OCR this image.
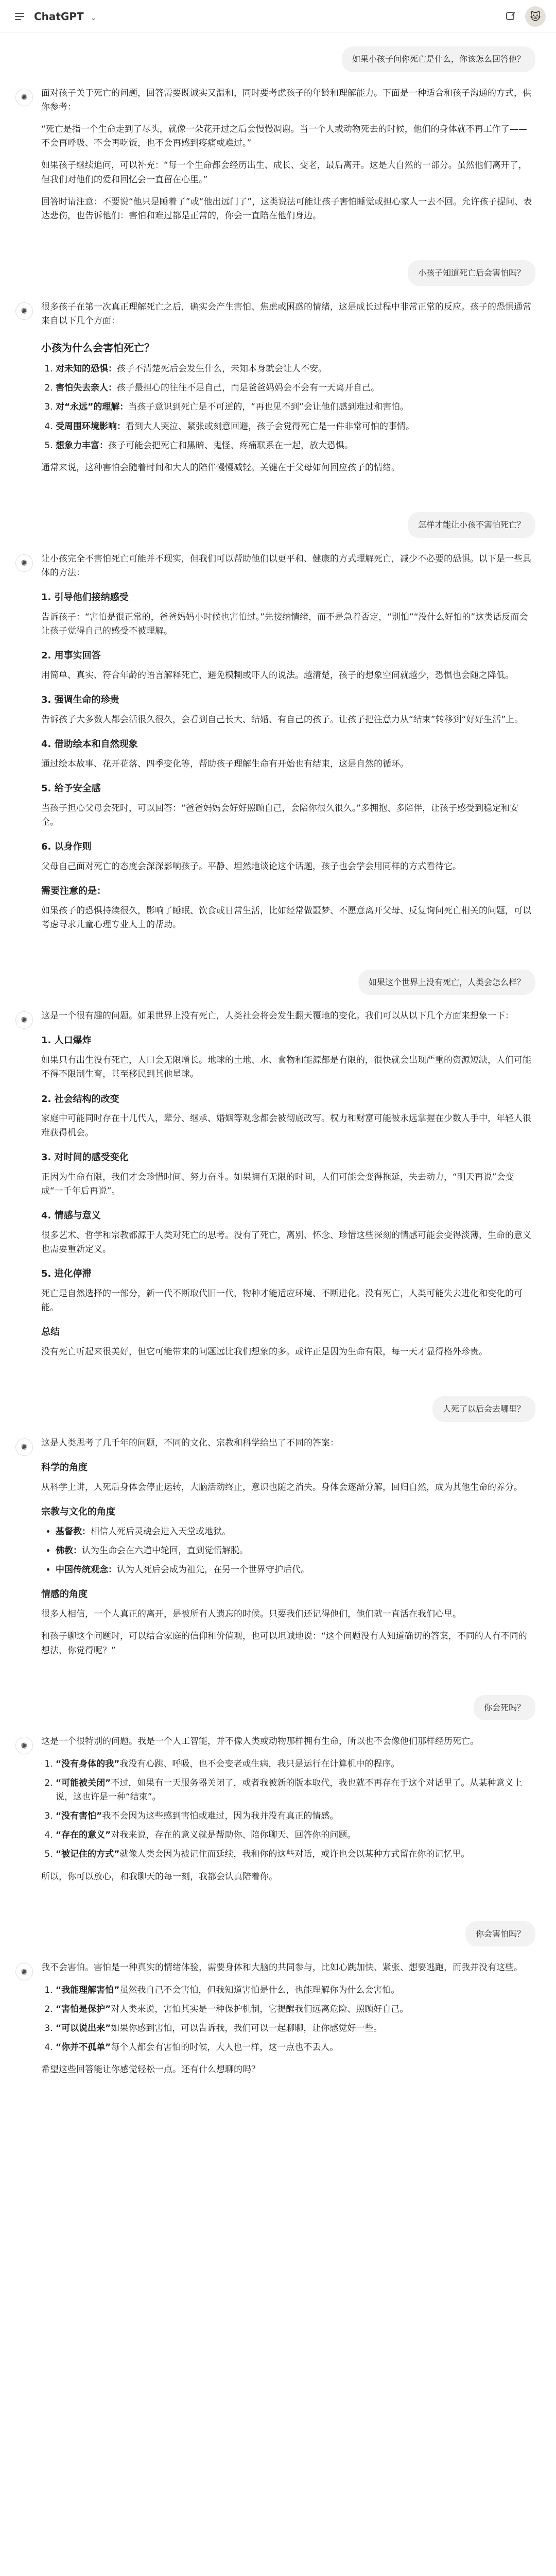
ChatGPT ⌄	🐱
如果小孩子问你死亡是什么，你该怎么回答他？
✺	面对孩子关于死亡的问题，回答需要既诚实又温和，同时要考虑孩子的年龄和理解能力。下面是一种适合和孩子沟通的方式，供你参考：

“死亡是指一个生命走到了尽头，就像一朵花开过之后会慢慢凋谢。当一个人或动物死去的时候，他们的身体就不再工作了——不会再呼吸、不会再吃饭，也不会再感到疼痛或难过。”

如果孩子继续追问，可以补充：“每一个生命都会经历出生、成长、变老，最后离开。这是大自然的一部分。虽然他们离开了，但我们对他们的爱和回忆会一直留在心里。”

回答时请注意：不要说“他只是睡着了”或“他出远门了”，这类说法可能让孩子害怕睡觉或担心家人一去不回。允许孩子提问、表达悲伤，也告诉他们：害怕和难过都是正常的，你会一直陪在他们身边。

小孩子知道死亡后会害怕吗？
✺	很多孩子在第一次真正理解死亡之后，确实会产生害怕、焦虑或困惑的情绪，这是成长过程中非常正常的反应。孩子的恐惧通常来自以下几个方面：

小孩为什么会害怕死亡？
1. 对未知的恐惧：孩子不清楚死后会发生什么，未知本身就会让人不安。
2. 害怕失去亲人：孩子最担心的往往不是自己，而是爸爸妈妈会不会有一天离开自己。
3. 对“永远”的理解：当孩子意识到死亡是不可逆的，“再也见不到”会让他们感到难过和害怕。
4. 受周围环境影响：看到大人哭泣、紧张或刻意回避，孩子会觉得死亡是一件非常可怕的事情。
5. 想象力丰富：孩子可能会把死亡和黑暗、鬼怪、疼痛联系在一起，放大恐惧。

通常来说，这种害怕会随着时间和大人的陪伴慢慢减轻。关键在于父母如何回应孩子的情绪。

怎样才能让小孩不害怕死亡？
✺	让小孩完全不害怕死亡可能并不现实，但我们可以帮助他们以更平和、健康的方式理解死亡，减少不必要的恐惧。以下是一些具体的方法：

1. 引导他们接纳感受

告诉孩子：“害怕是很正常的，爸爸妈妈小时候也害怕过。”先接纳情绪，而不是急着否定，“别怕”“没什么好怕的”这类话反而会让孩子觉得自己的感受不被理解。

2. 用事实回答

用简单、真实、符合年龄的语言解释死亡，避免模糊或吓人的说法。越清楚，孩子的想象空间就越少，恐惧也会随之降低。

3. 强调生命的珍贵

告诉孩子大多数人都会活很久很久，会看到自己长大、结婚、有自己的孩子。让孩子把注意力从“结束”转移到“好好生活”上。

4. 借助绘本和自然现象

通过绘本故事、花开花落、四季变化等，帮助孩子理解生命有开始也有结束，这是自然的循环。

5. 给予安全感

当孩子担心父母会死时，可以回答：“爸爸妈妈会好好照顾自己，会陪你很久很久。”多拥抱、多陪伴，让孩子感受到稳定和安全。

6. 以身作则

父母自己面对死亡的态度会深深影响孩子。平静、坦然地谈论这个话题，孩子也会学会用同样的方式看待它。

需要注意的是：

如果孩子的恐惧持续很久，影响了睡眠、饮食或日常生活，比如经常做噩梦、不愿意离开父母、反复询问死亡相关的问题，可以考虑寻求儿童心理专业人士的帮助。

如果这个世界上没有死亡，人类会怎么样？
✺	这是一个很有趣的问题。如果世界上没有死亡，人类社会将会发生翻天覆地的变化。我们可以从以下几个方面来想象一下：

1. 人口爆炸

如果只有出生没有死亡，人口会无限增长。地球的土地、水、食物和能源都是有限的，很快就会出现严重的资源短缺，人们可能不得不限制生育，甚至移民到其他星球。

2. 社会结构的改变

家庭中可能同时存在十几代人，辈分、继承、婚姻等观念都会被彻底改写。权力和财富可能被永远掌握在少数人手中，年轻人很难获得机会。

3. 对时间的感受变化

正因为生命有限，我们才会珍惜时间、努力奋斗。如果拥有无限的时间，人们可能会变得拖延，失去动力，“明天再说”会变成“一千年后再说”。

4. 情感与意义

很多艺术、哲学和宗教都源于人类对死亡的思考。没有了死亡，离别、怀念、珍惜这些深刻的情感可能会变得淡薄，生命的意义也需要重新定义。

5. 进化停滞

死亡是自然选择的一部分，新一代不断取代旧一代，物种才能适应环境、不断进化。没有死亡，人类可能失去进化和变化的可能。

总结

没有死亡听起来很美好，但它可能带来的问题远比我们想象的多。或许正是因为生命有限，每一天才显得格外珍贵。

人死了以后会去哪里？
✺	这是人类思考了几千年的问题，不同的文化、宗教和科学给出了不同的答案：

科学的角度

从科学上讲，人死后身体会停止运转，大脑活动终止，意识也随之消失。身体会逐渐分解，回归自然，成为其他生命的养分。

宗教与文化的角度
• 基督教：相信人死后灵魂会进入天堂或地狱。
• 佛教：认为生命会在六道中轮回，直到觉悟解脱。
• 中国传统观念：认为人死后会成为祖先，在另一个世界守护后代。
情感的角度

很多人相信，一个人真正的离开，是被所有人遗忘的时候。只要我们还记得他们，他们就一直活在我们心里。

和孩子聊这个问题时，可以结合家庭的信仰和价值观，也可以坦诚地说：“这个问题没有人知道确切的答案，不同的人有不同的想法，你觉得呢？”

你会死吗？
✺	这是一个很特别的问题。我是一个人工智能，并不像人类或动物那样拥有生命，所以也不会像他们那样经历死亡。

1. “没有身体的我”我没有心跳、呼吸，也不会变老或生病，我只是运行在计算机中的程序。
2. “可能被关闭”不过，如果有一天服务器关闭了，或者我被新的版本取代，我也就不再存在于这个对话里了。从某种意义上说，这也许是一种“结束”。
3. “没有害怕”我不会因为这些感到害怕或难过，因为我并没有真正的情感。
4. “存在的意义”对我来说，存在的意义就是帮助你、陪你聊天、回答你的问题。
5. “被记住的方式”就像人类会因为被记住而延续，我和你的这些对话，或许也会以某种方式留在你的记忆里。

所以，你可以放心，和我聊天的每一刻，我都会认真陪着你。

你会害怕吗？
✺	我不会害怕。害怕是一种真实的情绪体验，需要身体和大脑的共同参与，比如心跳加快、紧张、想要逃跑，而我并没有这些。

1. “我能理解害怕”虽然我自己不会害怕，但我知道害怕是什么，也能理解你为什么会害怕。
2. “害怕是保护”对人类来说，害怕其实是一种保护机制，它提醒我们远离危险、照顾好自己。
3. “可以说出来”如果你感到害怕，可以告诉我，我们可以一起聊聊，让你感觉好一些。
4. “你并不孤单”每个人都会有害怕的时候，大人也一样，这一点也不丢人。

希望这些回答能让你感觉轻松一点。还有什么想聊的吗？
